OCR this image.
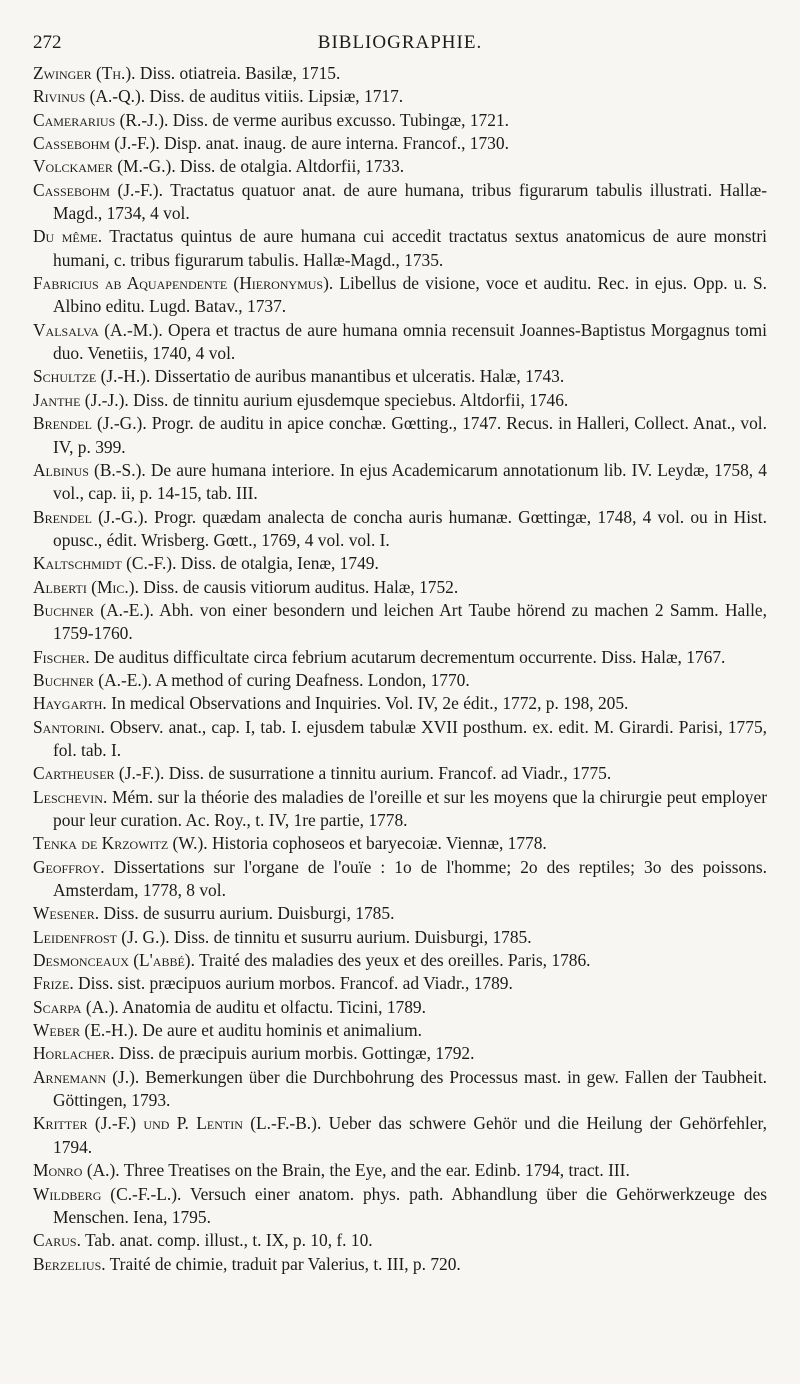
272	BIBLIOGRAPHIE.
Zwinger (Th.). Diss. otiatreia. Basilæ, 1715.
Rivinus (A.-Q.). Diss. de auditus vitiis. Lipsiæ, 1717.
Camerarius (R.-J.). Diss. de verme auribus excusso. Tubingæ, 1721.
Cassebohm (J.-F.). Disp. anat. inaug. de aure interna. Francof., 1730.
Volckamer (M.-G.). Diss. de otalgia. Altdorfii, 1733.
Cassebohm (J.-F.). Tractatus quatuor anat. de aure humana, tribus figurarum tabulis illustrati. Hallæ-Magd., 1734, 4 vol.
Du même. Tractatus quintus de aure humana cui accedit tractatus sextus anatomicus de aure monstri humani, c. tribus figurarum tabulis. Hallæ-Magd., 1735.
Fabricius ab Aquapendente (Hieronymus). Libellus de visione, voce et auditu. Rec. in ejus. Opp. u. S. Albino editu. Lugd. Batav., 1737.
Valsalva (A.-M.). Opera et tractus de aure humana omnia recensuit Joannes-Baptistus Morgagnus tomi duo. Venetiis, 1740, 4 vol.
Schultze (J.-H.). Dissertatio de auribus manantibus et ulceratis. Halæ, 1743.
Janthe (J.-J.). Diss. de tinnitu aurium ejusdemque speciebus. Altdorfii, 1746.
Brendel (J.-G.). Progr. de auditu in apice conchæ. Gœtting., 1747. Recus. in Halleri, Collect. Anat., vol. IV, p. 399.
Albinus (B.-S.). De aure humana interiore. In ejus Academicarum annotationum lib. IV. Leydæ, 1758, 4 vol., cap. ii, p. 14-15, tab. III.
Brendel (J.-G.). Progr. quædam analecta de concha auris humanæ. Gœttingæ, 1748, 4 vol. ou in Hist. opusc., édit. Wrisberg. Gœtt., 1769, 4 vol. vol. I.
Kaltschmidt (C.-F.). Diss. de otalgia, Ienæ, 1749.
Alberti (Mic.). Diss. de causis vitiorum auditus. Halæ, 1752.
Buchner (A.-E.). Abh. von einer besondern und leichen Art Taube hörend zu machen 2 Samm. Halle, 1759-1760.
Fischer. De auditus difficultate circa febrium acutarum decrementum occurrente. Diss. Halæ, 1767.
Buchner (A.-E.). A method of curing Deafness. London, 1770.
Haygarth. In medical Observations and Inquiries. Vol. IV, 2e édit., 1772, p. 198, 205.
Santorini. Observ. anat., cap. I, tab. I. ejusdem tabulæ XVII posthum. ex. edit. M. Girardi. Parisi, 1775, fol. tab. I.
Cartheuser (J.-F.). Diss. de susurratione a tinnitu aurium. Francof. ad Viadr., 1775.
Leschevin. Mém. sur la théorie des maladies de l'oreille et sur les moyens que la chirurgie peut employer pour leur curation. Ac. Roy., t. IV, 1re partie, 1778.
Tenka de Krzowitz (W.). Historia cophoseos et baryecoiæ. Viennæ, 1778.
Geoffroy. Dissertations sur l'organe de l'ouïe : 1o de l'homme; 2o des reptiles; 3o des poissons. Amsterdam, 1778, 8 vol.
Wesener. Diss. de susurru aurium. Duisburgi, 1785.
Leidenfrost (J. G.). Diss. de tinnitu et susurru aurium. Duisburgi, 1785.
Desmonceaux (L'abbé). Traité des maladies des yeux et des oreilles. Paris, 1786.
Frize. Diss. sist. præcipuos aurium morbos. Francof. ad Viadr., 1789.
Scarpa (A.). Anatomia de auditu et olfactu. Ticini, 1789.
Weber (E.-H.). De aure et auditu hominis et animalium.
Horlacher. Diss. de præcipuis aurium morbis. Gottingæ, 1792.
Arnemann (J.). Bemerkungen über die Durchbohrung des Processus mast. in gew. Fallen der Taubheit. Göttingen, 1793.
Kritter (J.-F.) und P. Lentin (L.-F.-B.). Ueber das schwere Gehör und die Heilung der Gehörfehler, 1794.
Monro (A.). Three Treatises on the Brain, the Eye, and the ear. Edinb. 1794, tract. III.
Wildberg (C.-F.-L.). Versuch einer anatom. phys. path. Abhandlung über die Gehörwerkzeuge des Menschen. Iena, 1795.
Carus. Tab. anat. comp. illust., t. IX, p. 10, f. 10.
Berzelius. Traité de chimie, traduit par Valerius, t. III, p. 720.
